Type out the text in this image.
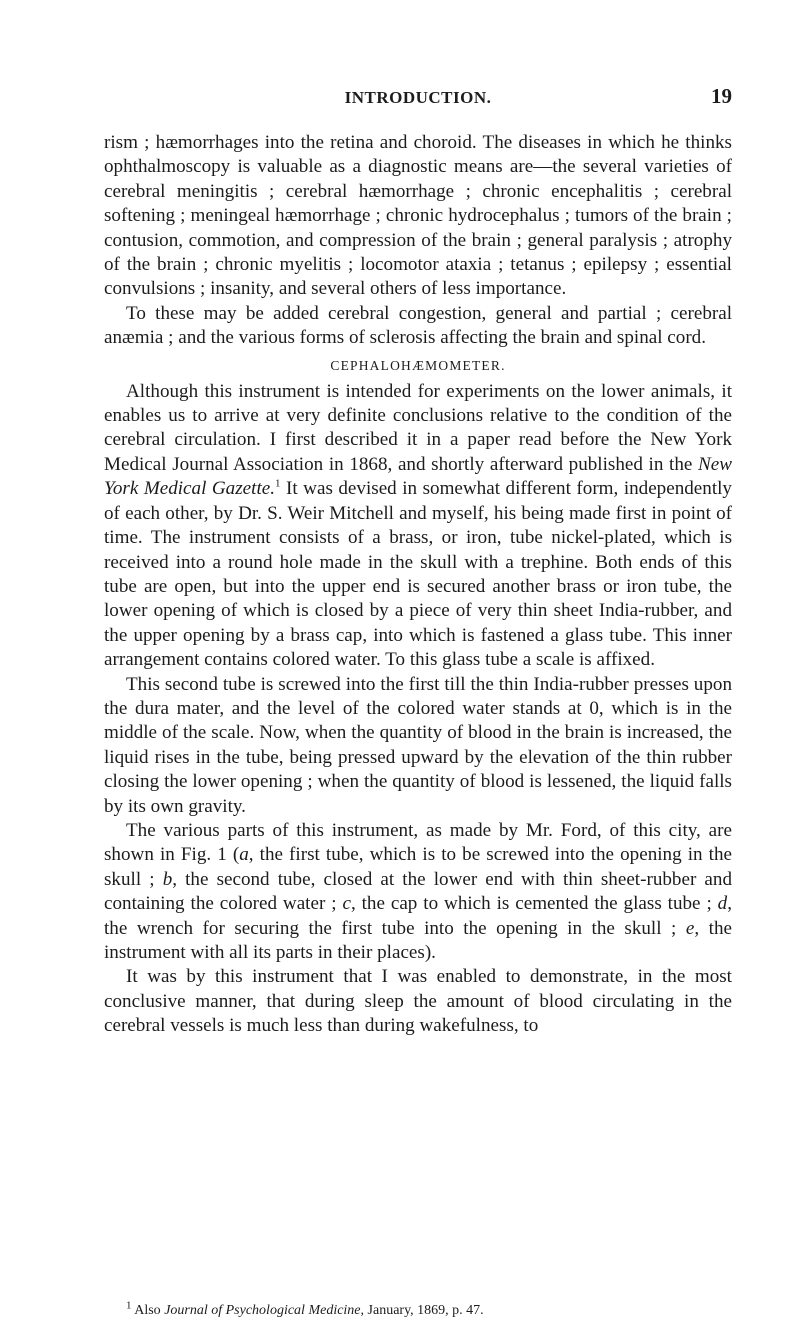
INTRODUCTION.	19

rism ; hæmorrhages into the retina and choroid. The diseases in which he thinks ophthalmoscopy is valuable as a diagnostic means are—the several varieties of cerebral meningitis ; cerebral hæmorrhage ; chronic encephalitis ; cerebral softening ; meningeal hæmorrhage ; chronic hydrocephalus ; tumors of the brain ; contusion, commotion, and compression of the brain ; general paralysis ; atrophy of the brain ; chronic myelitis ; locomotor ataxia ; tetanus ; epilepsy ; essential convulsions ; insanity, and several others of less importance.

To these may be added cerebral congestion, general and partial ; cerebral anæmia ; and the various forms of sclerosis affecting the brain and spinal cord.

CEPHALOHÆMOMETER.

Although this instrument is intended for experiments on the lower animals, it enables us to arrive at very definite conclusions relative to the condition of the cerebral circulation. I first described it in a paper read before the New York Medical Journal Association in 1868, and shortly afterward published in the New York Medical Gazette.$^1$ It was devised in somewhat different form, independently of each other, by Dr. S. Weir Mitchell and myself, his being made first in point of time. The instrument consists of a brass, or iron, tube nickel-plated, which is received into a round hole made in the skull with a trephine. Both ends of this tube are open, but into the upper end is secured another brass or iron tube, the lower opening of which is closed by a piece of very thin sheet India-rubber, and the upper opening by a brass cap, into which is fastened a glass tube. This inner arrangement contains colored water. To this glass tube a scale is affixed.

This second tube is screwed into the first till the thin India-rubber presses upon the dura mater, and the level of the colored water stands at 0, which is in the middle of the scale. Now, when the quantity of blood in the brain is increased, the liquid rises in the tube, being pressed upward by the elevation of the thin rubber closing the lower opening ; when the quantity of blood is lessened, the liquid falls by its own gravity.

The various parts of this instrument, as made by Mr. Ford, of this city, are shown in Fig. 1 (a, the first tube, which is to be screwed into the opening in the skull ; b, the second tube, closed at the lower end with thin sheet-rubber and containing the colored water ; c, the cap to which is cemented the glass tube ; d, the wrench for securing the first tube into the opening in the skull ; e, the instrument with all its parts in their places).

It was by this instrument that I was enabled to demonstrate, in the most conclusive manner, that during sleep the amount of blood circulating in the cerebral vessels is much less than during wakefulness, to

$^1$ Also Journal of Psychological Medicine, January, 1869, p. 47.
